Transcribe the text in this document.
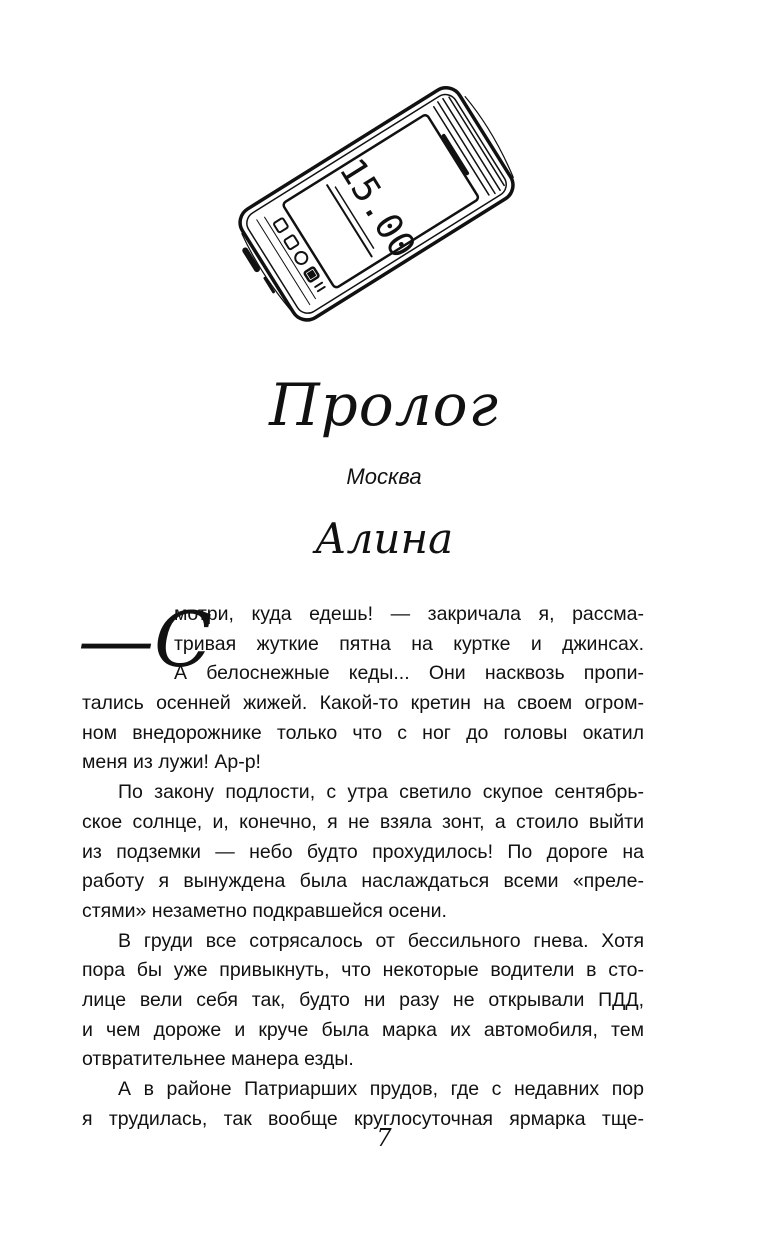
15.00
Пролог
Москва
Алина
—С
мотри, куда едешь! — закричала я, рассма-
тривая жуткие пятна на куртке и джинсах.
А белоснежные кеды... Они насквозь пропи-
тались осенней жижей. Какой-то кретин на своем огром-
ном внедорожнике только что с ног до головы окатил
меня из лужи! Ар-р!
По закону подлости, с утра светило скупое сентябрь-
ское солнце, и, конечно, я не взяла зонт, а стоило выйти
из подземки — небо будто прохудилось! По дороге на
работу я вынуждена была наслаждаться всеми «прелe-
стями» незаметно подкравшейся осени.
В груди все сотрясалось от бессильного гнева. Хотя
пора бы уже привыкнуть, что некоторые водители в сто-
лице вели себя так, будто ни разу не открывали ПДД,
и чем дороже и круче была марка их автомобиля, тем
отвратительнее манера езды.
А в районе Патриарших прудов, где с недавних пор
я трудилась, так вообще круглосуточная ярмарка тще-
7
